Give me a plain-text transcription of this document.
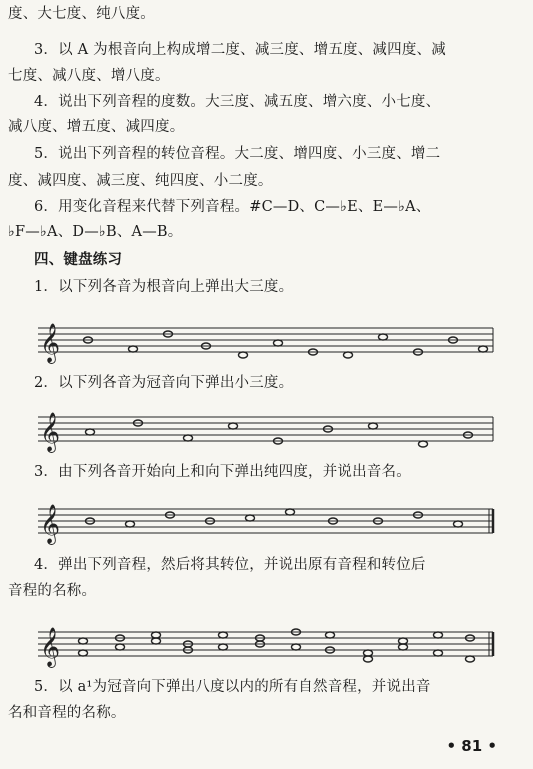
度、大七度、纯八度。
3．以 A 为根音向上构成增二度、减三度、增五度、减四度、减
七度、减八度、增八度。
4．说出下列音程的度数。大三度、减五度、增六度、小七度、
减八度、增五度、减四度。
5．说出下列音程的转位音程。大二度、增四度、小三度、增二
度、减四度、减三度、纯四度、小二度。
6．用变化音程来代替下列音程。#C—D、C—♭E、E—♭A、
♭F—♭A、D—♭B、A—B。
四、键盘练习
1．以下列各音为根音向上弹出大三度。
𝄞
2．以下列各音为冠音向下弹出小三度。
𝄞
3．由下列各音开始向上和向下弹出纯四度，并说出音名。
𝄞
4．弹出下列音程，然后将其转位，并说出原有音程和转位后
音程的名称。
𝄞
5．以 a¹为冠音向下弹出八度以内的所有自然音程，并说出音
名和音程的名称。
• 81 •
